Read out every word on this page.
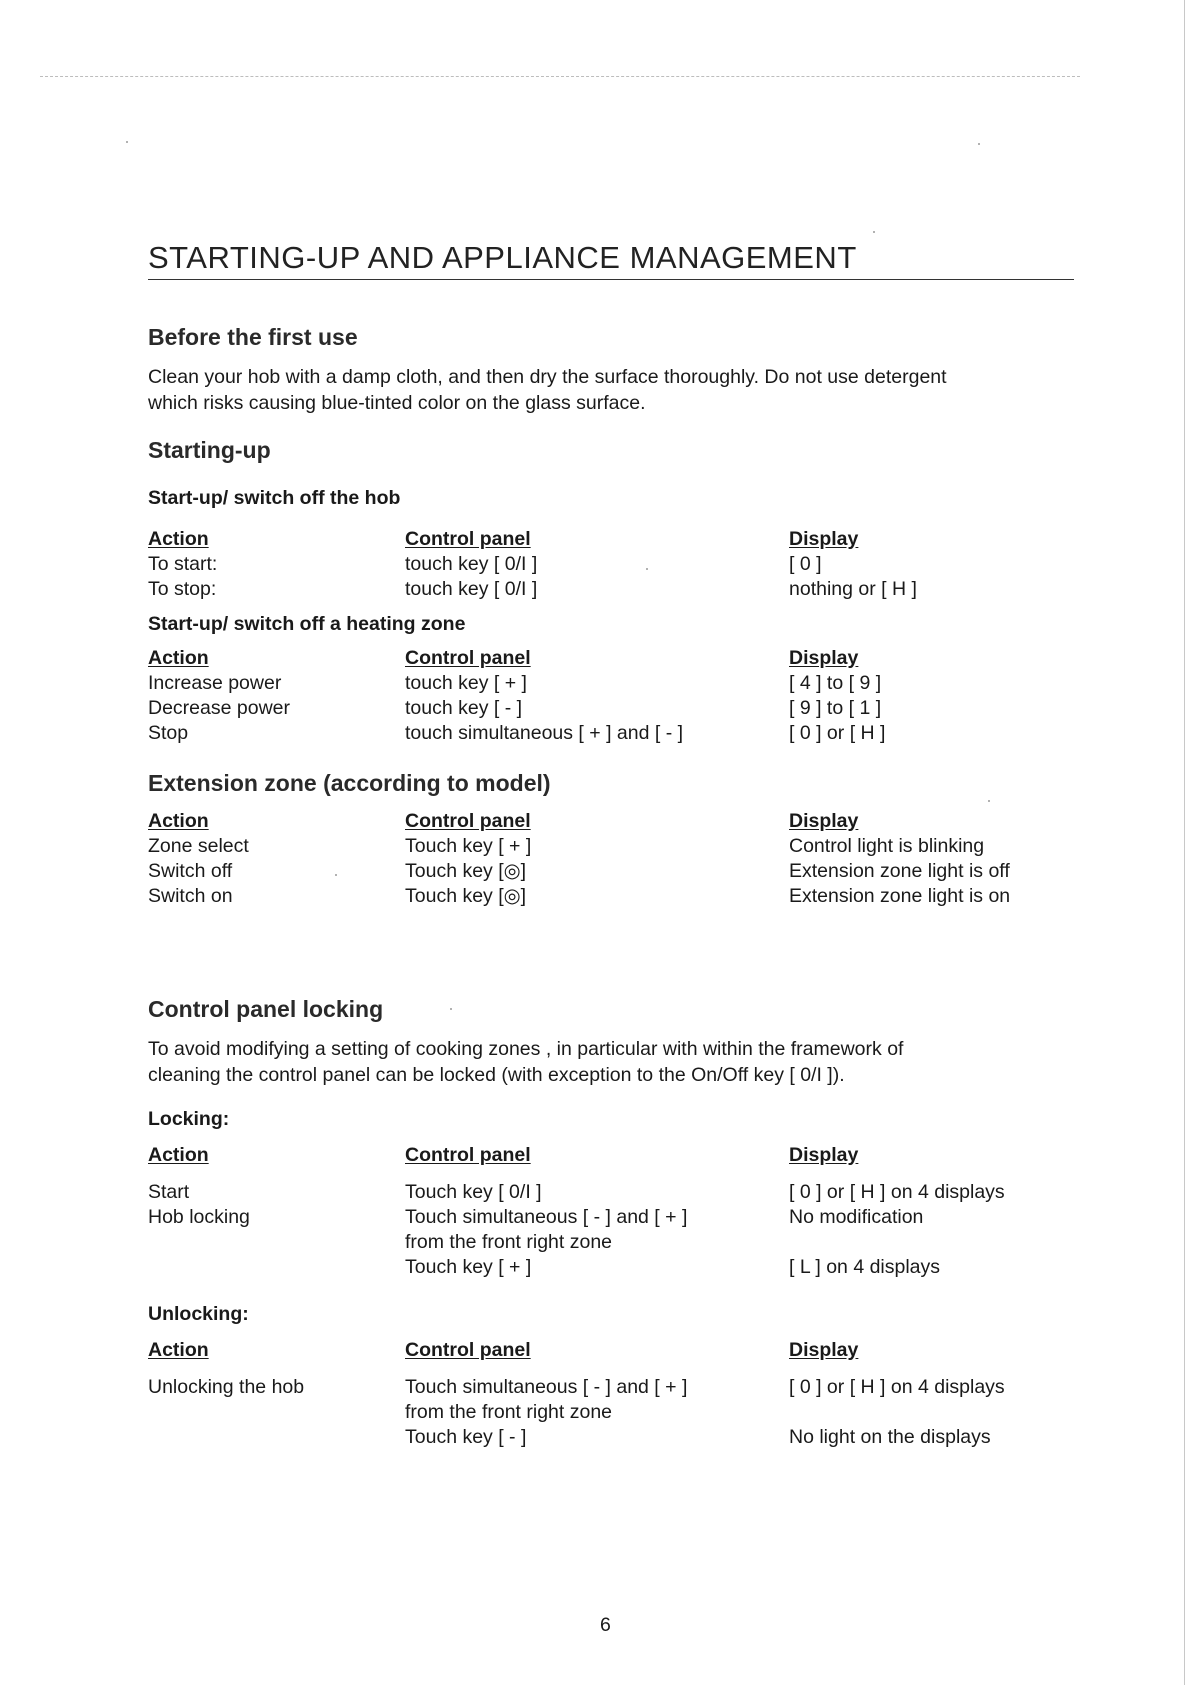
STARTING-UP AND APPLIANCE MANAGEMENT
Before the first use
Clean your hob with a damp cloth, and then dry the surface thoroughly. Do not use detergent
which risks causing blue-tinted color on the glass surface.
Starting-up
Start-up/ switch off the hob
Action
To start:
To stop:
Control panel
touch key [ 0/I ]
touch key [ 0/I ]
Display
[ 0 ]
nothing or [ H ]
Start-up/ switch off a heating zone
Action
Increase power
Decrease power
Stop
Control panel
touch key [ + ]
touch key [ - ]
touch simultaneous [ + ] and [ - ]
Display
[ 4 ] to [ 9 ]
[ 9 ] to [ 1 ]
[ 0 ] or [ H ]
Extension zone (according to model)
Action
Zone select
Switch off
Switch on
Control panel
Touch key [ + ]
Touch key [◎]
Touch key [◎]
Display
Control light is blinking
Extension zone light is off
Extension zone light is on
Control panel locking
To avoid modifying a setting of cooking zones , in particular with within the framework of
cleaning the control panel can be locked (with exception to the On/Off key [ 0/I ]).
Locking:
Action
Start
Hob locking
Control panel
Touch key [ 0/I ]
Touch simultaneous [ - ] and [ + ]
from the front right zone
Touch key [ + ]
Display
[ 0 ] or [ H ] on 4 displays
No modification
[ L ] on 4 displays
Unlocking:
Action
Unlocking the hob
Control panel
Touch simultaneous [ - ] and [ + ]
from the front right zone
Touch key [ - ]
Display
[ 0 ] or [ H ] on 4 displays
No light on the displays
6
